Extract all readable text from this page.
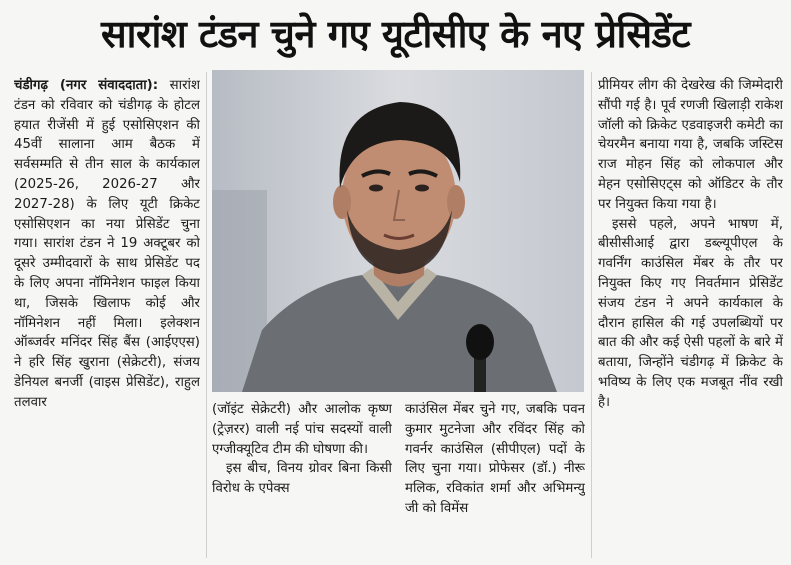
सारांश टंडन चुने गए यूटीसीए के नए प्रेसिडेंट

चंडीगढ़ (नगर संवाददाता): सारांश टंडन को रविवार को चंडीगढ़ के होटल हयात रीजेंसी में हुई एसोसिएशन की 45वीं सालाना आम बैठक में सर्वसम्मति से तीन साल के कार्यकाल (2025-26, 2026-27 और 2027-28) के लिए यूटी क्रिकेट एसोसिएशन का नया प्रेसिडेंट चुना गया। सारांश टंडन ने 19 अक्टूबर को दूसरे उम्मीदवारों के साथ प्रेसिडेंट पद के लिए अपना नॉमिनेशन फाइल किया था, जिसके खिलाफ कोई और नॉमिनेशन नहीं मिला। इलेक्शन ऑब्जर्वर मनिंदर सिंह बैंस (आईएएस) ने हरि सिंह खुराना (सेक्रेटरी), संजय डेनियल बनर्जी (वाइस प्रेसिडेंट), राहुल तलवार	(जॉइंट सेक्रेटरी) और आलोक कृष्ण (ट्रेज़रर) वाली नई पांच सदस्यों वाली एग्जीक्यूटिव टीम की घोषणा की।

इस बीच, विनय ग्रोवर बिना किसी विरोध के एपेक्स

काउंसिल मेंबर चुने गए, जबकि पवन कुमार मुटनेजा और रविंदर सिंह को गवर्नर काउंसिल (सीपीएल) पदों के लिए चुना गया। प्रोफेसर (डॉ.) नीरू मलिक, रविकांत शर्मा और अभिमन्यु जी को विमेंस

प्रीमियर लीग की देखरेख की जिम्मेदारी सौंपी गई है। पूर्व रणजी खिलाड़ी राकेश जॉली को क्रिकेट एडवाइजरी कमेटी का चेयरमैन बनाया गया है, जबकि जस्टिस राज मोहन सिंह को लोकपाल और मेहन एसोसिएट्स को ऑडिटर के तौर पर नियुक्त किया गया है।

इससे पहले, अपने भाषण में, बीसीसीआई द्वारा डब्ल्यूपीएल के गवर्निंग काउंसिल मेंबर के तौर पर नियुक्त किए गए निवर्तमान प्रेसिडेंट संजय टंडन ने अपने कार्यकाल के दौरान हासिल की गई उपलब्धियों पर बात की और कई ऐसी पहलों के बारे में बताया, जिन्होंने चंडीगढ़ में क्रिकेट के भविष्य के लिए एक मजबूत नींव रखी है।
